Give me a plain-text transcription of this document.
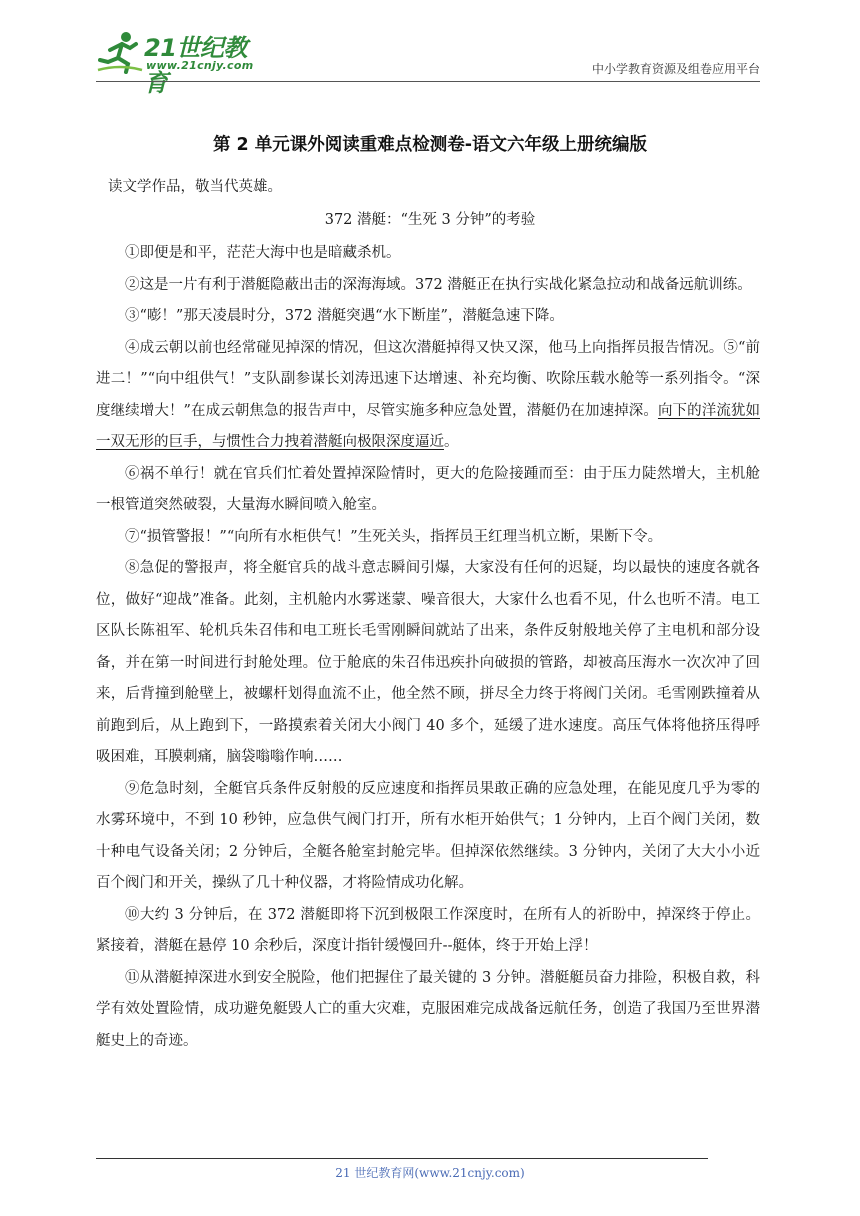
21世纪教育
www.21cnjy.com	中小学教育资源及组卷应用平台
第 2 单元课外阅读重难点检测卷-语文六年级上册统编版
读文学作品，敬当代英雄。
372 潜艇：“生死 3 分钟”的考验

①即便是和平，茫茫大海中也是暗藏杀机。

②这是一片有利于潜艇隐蔽出击的深海海域。372 潜艇正在执行实战化紧急拉动和战备远航训练。

③“嘭！”那天凌晨时分，372 潜艇突遇“水下断崖”，潜艇急速下降。

④成云朝以前也经常碰见掉深的情况，但这次潜艇掉得又快又深，他马上向指挥员报告情况。⑤“前进二！”“向中组供气！”支队副参谋长刘涛迅速下达增速、补充均衡、吹除压载水舱等一系列指令。“深度继续增大！”在成云朝焦急的报告声中，尽管实施多种应急处置，潜艇仍在加速掉深。向下的洋流犹如一双无形的巨手，与惯性合力拽着潜艇向极限深度逼近。

⑥祸不单行！就在官兵们忙着处置掉深险情时，更大的危险接踵而至：由于压力陡然增大，主机舱一根管道突然破裂，大量海水瞬间喷入舱室。

⑦“损管警报！”“向所有水柜供气！”生死关头，指挥员王红理当机立断，果断下令。

⑧急促的警报声，将全艇官兵的战斗意志瞬间引爆，大家没有任何的迟疑，均以最快的速度各就各位，做好“迎战”准备。此刻，主机舱内水雾迷蒙、噪音很大，大家什么也看不见，什么也听不清。电工区队长陈祖军、轮机兵朱召伟和电工班长毛雪刚瞬间就站了出来，条件反射般地关停了主电机和部分设备，并在第一时间进行封舱处理。位于舱底的朱召伟迅疾扑向破损的管路，却被高压海水一次次冲了回来，后背撞到舱壁上，被螺杆划得血流不止，他全然不顾，拼尽全力终于将阀门关闭。毛雪刚跌撞着从前跑到后，从上跑到下，一路摸索着关闭大小阀门 40 多个，延缓了进水速度。高压气体将他挤压得呼吸困难，耳膜刺痛，脑袋嗡嗡作响……

⑨危急时刻，全艇官兵条件反射般的反应速度和指挥员果敢正确的应急处理，在能见度几乎为零的水雾环境中，不到 10 秒钟，应急供气阀门打开，所有水柜开始供气；1 分钟内，上百个阀门关闭，数十种电气设备关闭；2 分钟后，全艇各舱室封舱完毕。但掉深依然继续。3 分钟内，关闭了大大小小近百个阀门和开关，操纵了几十种仪器，才将险情成功化解。

⑩大约 3 分钟后，在 372 潜艇即将下沉到极限工作深度时，在所有人的祈盼中，掉深终于停止。紧接着，潜艇在悬停 10 余秒后，深度计指针缓慢回升--艇体，终于开始上浮！

⑪从潜艇掉深进水到安全脱险，他们把握住了最关键的 3 分钟。潜艇艇员奋力排险，积极自救，科学有效处置险情，成功避免艇毁人亡的重大灾难，克服困难完成战备远航任务，创造了我国乃至世界潜艇史上的奇迹。

21 世纪教育网(www.21cnjy.com)
